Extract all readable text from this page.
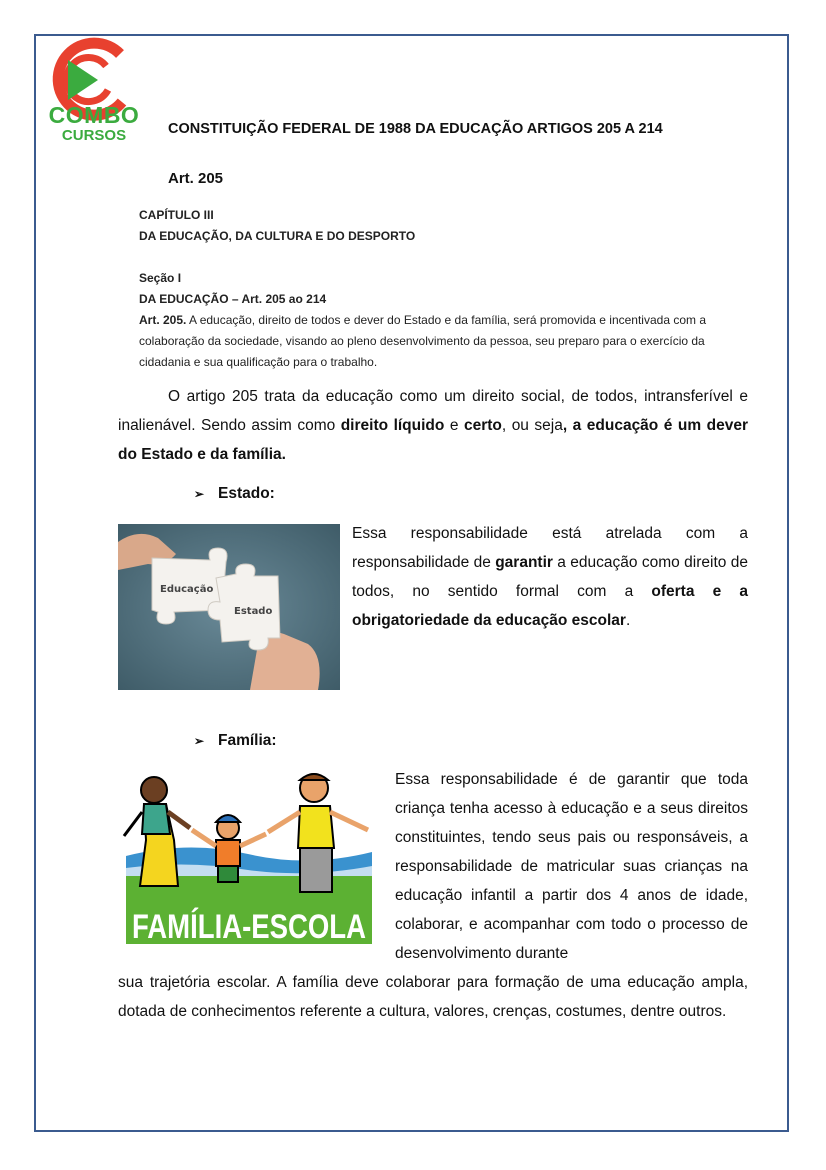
COMBO
CURSOS	CONSTITUIÇÃO FEDERAL DE 1988 DA EDUCAÇÃO ARTIGOS 205 A 214
Art. 205

CAPÍTULO III

DA EDUCAÇÃO, DA CULTURA E DO DESPORTO

Seção I

DA EDUCAÇÃO – Art. 205 ao 214

Art. 205. A educação, direito de todos e dever do Estado e da família, será promovida e incentivada com a colaboração da sociedade, visando ao pleno desenvolvimento da pessoa, seu preparo para o exercício da cidadania e sua qualificação para o trabalho.

O artigo 205 trata da educação como um direito social, de todos, intransferível e inalienável. Sendo assim como direito líquido e certo, ou seja, a educação é um dever do Estado e da família.

➢ Estado:

Educação
Estado

Essa responsabilidade está atrelada com a responsabilidade de garantir a educação como direito de todos, no sentido formal com a oferta e a obrigatoriedade da educação escolar.

➢ Família:

FAMÍLIA-ESCOLA

Essa responsabilidade é de garantir que toda criança tenha acesso à educação e a seus direitos constituintes, tendo seus pais ou responsáveis, a responsabilidade de matricular suas crianças na educação infantil a partir dos 4 anos de idade, colaborar, e acompanhar com todo o processo de desenvolvimento durante

sua trajetória escolar. A família deve colaborar para formação de uma educação ampla, dotada de conhecimentos referente a cultura, valores, crenças, costumes, dentre outros.
